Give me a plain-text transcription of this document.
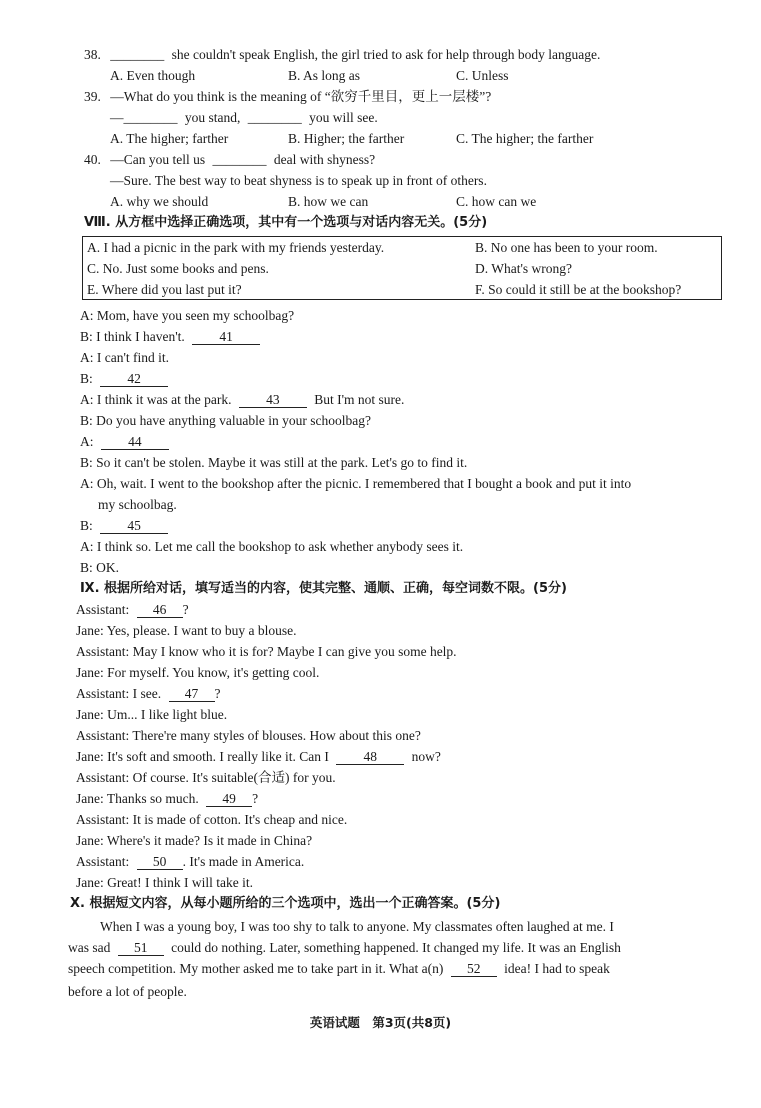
38. ________ she couldn't speak English, the girl tried to ask for help through body language.
A. Even though	B. As long as	C. Unless
39. —What do you think is the meaning of “欲穷千里目，更上一层楼”?
—________ you stand, ________ you will see.
A. The higher; farther	B. Higher; the farther	C. The higher; the farther
40. —Can you tell us ________ deal with shyness?
—Sure. The best way to beat shyness is to speak up in front of others.
A. why we should	B. how we can	C. how can we
Ⅷ. 从方框中选择正确选项，其中有一个选项与对话内容无关。(5分)
A. I had a picnic in the park with my friends yesterday.	B. No one has been to your room.
C. No. Just some books and pens.	D. What's wrong?
E. Where did you last put it?	F. So could it still be at the bookshop?
A: Mom, have you seen my schoolbag?
B: I think I haven't.	41
A: I can't find it.
B:	42
A: I think it was at the park.	43	But I'm not sure.
B: Do you have anything valuable in your schoolbag?
A:	44
B: So it can't be stolen. Maybe it was still at the park. Let's go to find it.
A: Oh, wait. I went to the bookshop after the picnic. I remembered that I bought a book and put it into
my schoolbag.
B:	45
A: I think so. Let me call the bookshop to ask whether anybody sees it.
B: OK.
Ⅸ. 根据所给对话，填写适当的内容，使其完整、通顺、正确，每空词数不限。(5分)
Assistant: 46 ?
Jane: Yes, please. I want to buy a blouse.
Assistant: May I know who it is for? Maybe I can give you some help.
Jane: For myself. You know, it's getting cool.
Assistant: I see. 47 ?
Jane: Um... I like light blue.
Assistant: There're many styles of blouses. How about this one?
Jane: It's soft and smooth. I really like it. Can I	48	now?
Assistant: Of course. It's suitable(合适) for you.
Jane: Thanks so much. 49 ?
Assistant: It is made of cotton. It's cheap and nice.
Jane: Where's it made? Is it made in China?
Assistant: 50 . It's made in America.
Jane: Great! I think I will take it.
Ⅹ. 根据短文内容，从每小题所给的三个选项中，选出一个正确答案。(5分)
When I was a young boy, I was too shy to talk to anyone. My classmates often laughed at me. I
was sad 51 could do nothing. Later, something happened. It changed my life. It was an English
speech competition. My mother asked me to take part in it. What a(n) 52 idea! I had to speak
before a lot of people.
英语试题　第3页(共8页)
